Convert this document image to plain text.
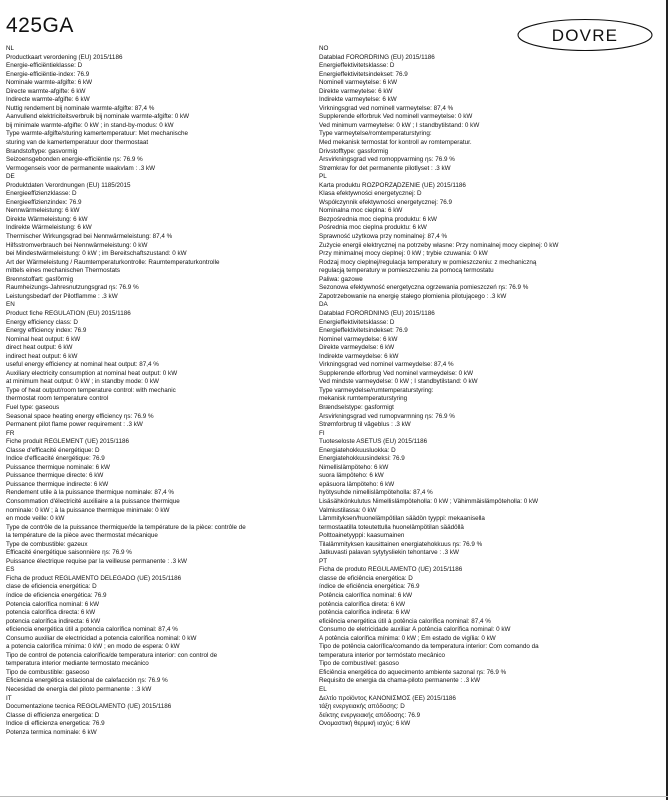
425GA	DOVRE
NL
Productkaart verordening (EU) 2015/1186
Energie-efficiëntieklasse: D
Energie-efficiëntie-index: 76.9
Nominale warmte-afgifte: 6 kW
Directe warmte-afgifte: 6 kW
Indirecte warmte-afgifte: 6 kW
Nuttig rendement bij nominale warmte-afgifte: 87,4 %
Aanvullend elektriciteitsverbruik bij nominale warmte-afgifte: 0 kW
bij minimale warmte-afgifte: 0 kW ; in stand-by-modus: 0 kW
Type warmte-afgifte/sturing kamertemperatuur: Met mechanische
sturing van de kamertemperatuur door thermostaat
Brandstoftype: gasvormig
Seizoensgebonden energie-efficiëntie ηs: 76.9 %
Vermogenseis voor de permanente waakvlam : .3 kW
DE
Produktdaten Verordnungen (EU) 1185/2015
Energieeffizienzklasse: D
Energieeffizienzindex: 76.9
Nennwärmeleistung: 6 kW
Direkte Wärmeleistung: 6 kW
Indirekte Wärmeleistung: 6 kW
Thermischer Wirkungsgrad bei Nennwärmeleistung: 87,4 %
Hilfsstromverbrauch bei Nennwärmeleistung: 0 kW
bei Mindestwärmeleistung: 0 kW ; im Bereitschaftszustand: 0 kW
Art der Wärmeleistung / Raumtemperaturkontrolle: Raumtemperaturkontrolle
mittels eines mechanischen Thermostats
Brennstoffart: gasförmig
Raumheizungs-Jahresnutzungsgrad ηs: 76.9 %
Leistungsbedarf der Pilotflamme : .3 kW
EN
Product fiche REGULATION (EU) 2015/1186
Energy efficiency class: D
Energy efficiency index: 76.9
Nominal heat output: 6 kW
direct heat output: 6 kW
indirect heat output: 6 kW
useful energy efficiency at nominal heat output: 87,4 %
Auxiliary electricity consumption at nominal heat output: 0 kW
at minimum heat output: 0 kW ; in standby mode: 0 kW
Type of heat output/room temperature control: with mechanic
thermostat room temperature control
Fuel type: gaseous
Seasonal space heating energy efficiency ηs: 76.9 %
Permanent pilot flame power requirement : .3 kW
FR
Fiche produit RÈGLEMENT (UE) 2015/1186
Classe d'efficacité énergétique: D
Indice d'efficacité énergétique: 76.9
Puissance thermique nominale: 6 kW
Puissance thermique directe: 6 kW
Puissance thermique indirecte: 6 kW
Rendement utile à la puissance thermique nominale: 87,4 %
Consommation d'électricité auxiliaire a la puissance thermique
nominale: 0 kW ; à la puissance thermique minimale: 0 kW
en mode veille: 0 kW
Type de contrôle de la puissance thermique/de la température de la pièce: contrôle de
la température de la pièce avec thermostat mécanique
Type de combustible: gazeux
Efficacité énergétique saisonnière ηs: 76.9 %
Puissance électrique requise par la veilleuse permanente : .3 kW
ES
Ficha de product REGLAMENTO DELEGADO (UE) 2015/1186
clase de eficiencia energética: D
índice de eficiencia energética: 76.9
Potencia calorífica nominal: 6 kW
potencia calorífica directa: 6 kW
potencia calorífica indirecta: 6 kW
eficiencia energética útil a potencia calorífica nominal: 87,4 %
Consumo auxiliar de electricidad a potencia calorífica nominal: 0 kW
a potencia calorífica mínima: 0 kW ; en modo de espera: 0 kW
Tipo de control de potencia calorífica/de temperatura interior: con control de
temperatura interior mediante termostato mecánico
Tipo de combustible: gaseoso
Eficiencia energética estacional de calefacción ηs: 76.9 %
Necesidad de energía del piloto permanente : .3 kW
IT
Documentazione tecnica REGOLAMENTO (UE) 2015/1186
Classe di efficienza energetica: D
Indice di efficienza energetica: 76.9
Potenza termica nominale: 6 kW
NO
Datablad FORORDRING (EU) 2015/1186
Energieffektivitetsklasse: D
Energieffektivitetsindekset: 76.9
Nominell varmeytelse: 6 kW
Direkte varmeytelse: 6 kW
Indirekte varmeytelse: 6 kW
Virkningsgrad ved nominell varmeytelse: 87,4 %
Supplerende elforbruk Ved nominell varmeytelse: 0 kW
Ved minimum varmeytelse: 0 kW ; I standbytilstand: 0 kW
Type varmeytelse/romtemperaturstyring:
Med mekanisk termostat for kontroll av romtemperatur.
Drivstofftype: gassformig
Årsvirkningsgrad ved romoppvarming ηs: 76.9 %
Strømkrav for det permanente pilotlyset : .3 kW
PL
Karta produktu ROZPORZĄDZENIE (UE) 2015/1186
Klasa efektywności energetycznej: D
Współczynnik efektywności energetycznej: 76.9
Nominalna moc cieplna: 6 kW
Bezpośrednia moc cieplna produktu: 6 kW
Pośrednia moc cieplna produktu: 6 kW
Sprawność użytkowa przy nominalnej: 87,4 %
Zużycie energii elektrycznej na potrzeby własne: Przy nominalnej mocy cieplnej: 0 kW
Przy minimalnej mocy cieplnej: 0 kW ; trybie czuwania: 0 kW
Rodzaj mocy cieplnej/regulacja temperatury w pomieszczeniu: z mechaniczną
regulacją temperatury w pomieszczeniu za pomocą termostatu
Paliwa: gazowe
Sezonowa efektywność energetyczna ogrzewania pomieszczeń ηs: 76.9 %
Zapotrzebowanie na energię stałego płomienia pilotującego : .3 kW
DA
Datablad FORORDNING (EU) 2015/1186
Energieffektivitetsklasse: D
Energieffektivitetsindekset: 76.9
Nominel varmeydelse: 6 kW
Direkte varmeydelse: 6 kW
Indirekte varmeydelse: 6 kW
Virkningsgrad ved nominel varmeydelse: 87,4 %
Supplerende elforbrug Ved nominel varmeydelse: 0 kW
Ved mindste varmeydelse: 0 kW ; I standbytilstand: 0 kW
Type varmeydelse/rumtemperaturstyring:
mekanisk rumtemperaturstyring
Brændselstype: gasformigt
Årsvirkningsgrad ved rumopvarmning ηs: 76.9 %
Strømforbrug til vågeblus : .3 kW
FI
Tuoteseloste ASETUS (EU) 2015/1186
Energiatehokkuusluokka: D
Energiatehokkuusindeksi: 76.9
Nimellislämpöteho: 6 kW
suora lämpöteho: 6 kW
epäsuora lämpöteho: 6 kW
hyötysuhde nimellislämpöteholla: 87,4 %
Lisäsähkönkulutus Nimellislämpöteholla: 0 kW ; Vähimmäislämpöteholla: 0 kW
Valmiustilassa: 0 kW
Lämmityksen/huonelämpötilan säädön tyyppi: mekaanisella
termostaatilla toteutettulla huonelämpötilan säädöllä
Polttoainetyyppi: kaasumainen
Tilalämmityksen kausittainen energiatehokkuus ηs: 76.9 %
Jatkuvasti palavan sytytysliekin tehontarve : .3 kW
PT
Ficha de produto REGULAMENTO (UE) 2015/1186
classe de eficiência energética: D
índice de eficiência energética: 76.9
Potência calorífica nominal: 6 kW
potência calorífica direta: 6 kW
potência calorífica indireta: 6 kW
eficiência energética útil à potência calorífica nominal: 87,4 %
Consumo de eletricidade auxiliar À potência calorífica nominal: 0 kW
À potência calorífica mínima: 0 kW ; Em estado de vigília: 0 kW
Tipo de potência calorífica/comando da temperatura interior: Com comando da
temperatura interior por termóstato mecânico
Tipo de combustível: gasoso
Eficiência energética do aquecimento ambiente sazonal ηs: 76.9 %
Requisito de energia da chama-piloto permanente : .3 kW
EL
Δελτίο προϊόντος ΚΑΝΟΝΙΣΜΟΣ (ΕΕ) 2015/1186
τάξη ενεργειακής απόδοσης: D
δείκτης ενεργειακής απόδοσης: 76.9
Ονομαστική θερμική ισχύς: 6 kW
